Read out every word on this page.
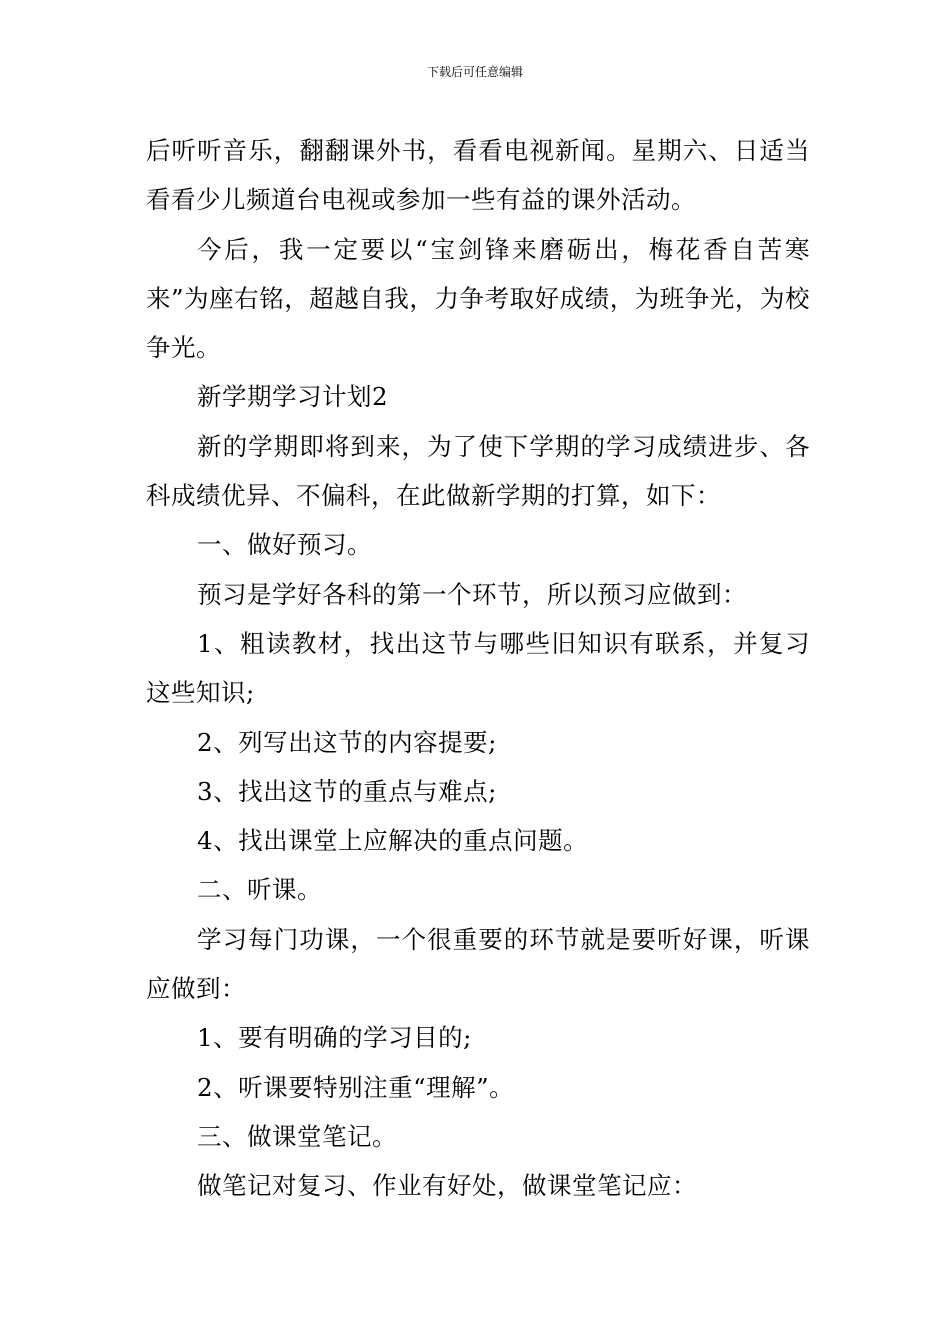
下载后可任意编辑

后听听音乐，翻翻课外书，看看电视新闻。星期六、日适当看看少儿频道台电视或参加一些有益的课外活动。

今后，我一定要以“宝剑锋来磨砺出，梅花香自苦寒来”为座右铭，超越自我，力争考取好成绩，为班争光，为校争光。

新学期学习计划2

新的学期即将到来，为了使下学期的学习成绩进步、各科成绩优异、不偏科，在此做新学期的打算，如下：

一、做好预习。

预习是学好各科的第一个环节，所以预习应做到：

1、粗读教材，找出这节与哪些旧知识有联系，并复习这些知识;

2、列写出这节的内容提要;

3、找出这节的重点与难点;

4、找出课堂上应解决的重点问题。

二、听课。

学习每门功课，一个很重要的环节就是要听好课，听课应做到：

1、要有明确的学习目的;

2、听课要特别注重“理解”。

三、做课堂笔记。

做笔记对复习、作业有好处，做课堂笔记应：
